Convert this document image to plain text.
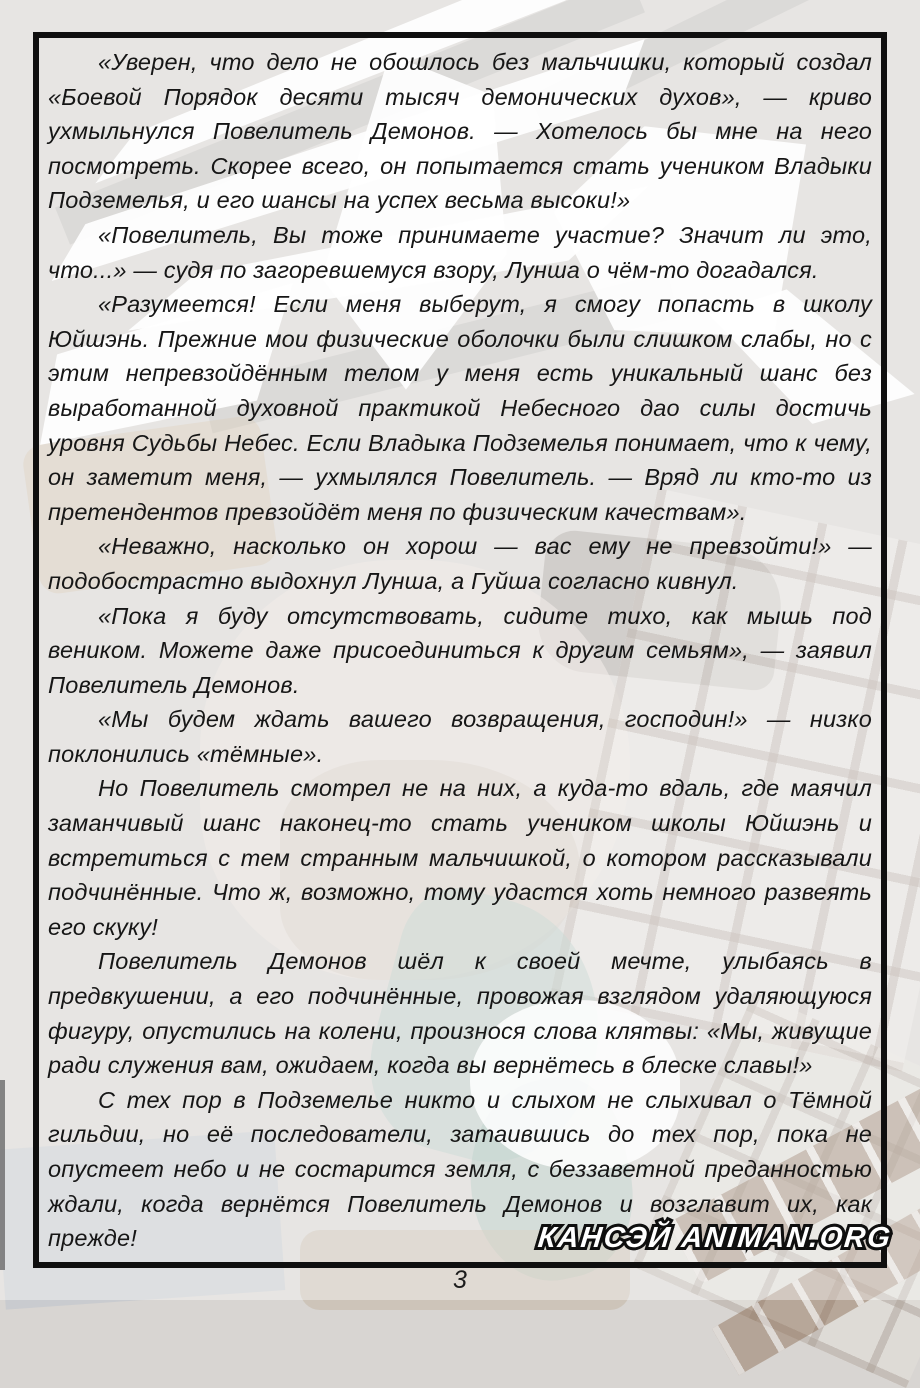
«Уверен, что дело не обошлось без мальчишки, который создал «Боевой Порядок десяти тысяч демонических духов», — криво ухмыльнулся Повелитель Демонов. — Хотелось бы мне на него посмотреть. Скорее всего, он попытается стать учеником Владыки Подземелья, и его шансы на успех весьма высоки!»

«Повелитель, Вы тоже принимаете участие? Значит ли это, что...» — судя по загоревшемуся взору, Лунша о чём-то догадался.

«Разумеется! Если меня выберут, я смогу попасть в школу Юйшэнь. Прежние мои физические оболочки были слишком слабы, но с этим непревзойдённым телом у меня есть уникальный шанс без выработанной духовной практикой Небесного дао силы достичь уровня Судьбы Небес. Если Владыка Подземелья понимает, что к чему, он заметит меня, — ухмылялся Повелитель. — Вряд ли кто-то из претендентов превзойдёт меня по физическим качествам».

«Неважно, насколько он хорош — вас ему не превзойти!» — подобострастно выдохнул Лунша, а Гуйша согласно кивнул.

«Пока я буду отсутствовать, сидите тихо, как мышь под веником. Можете даже присоединиться к другим семьям», — заявил Повелитель Демонов.

«Мы будем ждать вашего возвращения, господин!» — низко поклонились «тёмные».

Но Повелитель смотрел не на них, а куда-то вдаль, где маячил заманчивый шанс наконец-то стать учеником школы Юйшэнь и встретиться с тем странным мальчишкой, о котором рассказывали подчинённые. Что ж, возможно, тому удастся хоть немного развеять его скуку!

Повелитель Демонов шёл к своей мечте, улыбаясь в предвкушении, а его подчинённые, провожая взглядом удаляющуюся фигуру, опустились на колени, произнося слова клятвы: «Мы, живущие ради служения вам, ожидаем, когда вы вернётесь в блеске славы!»

С тех пор в Подземелье никто и слыхом не слыхивал о Тёмной гильдии, но её последователи, затаившись до тех пор, пока не опустеет небо и не состарится земля, с беззаветной преданностью ждали, когда вернётся Повелитель Демонов и возглавит их, как прежде!	КАНСЭЙ ANIMAN.ORG
3
